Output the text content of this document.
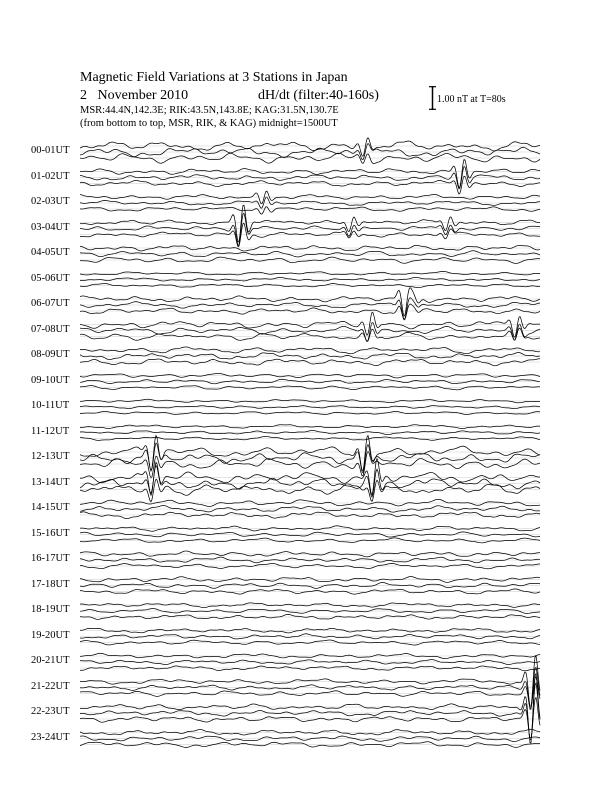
Magnetic Field Variations at 3 Stations in Japan
2 November 2010	dH/dt (filter:40-160s)
MSR:44.4N,142.3E; RIK:43.5N,143.8E; KAG:31.5N,130.7E
(from bottom to top, MSR, RIK, & KAG) midnight=1500UT
1.00 nT at T=80s
00-01UT
01-02UT
02-03UT
03-04UT
04-05UT
05-06UT
06-07UT
07-08UT
08-09UT
09-10UT
10-11UT
11-12UT
12-13UT
13-14UT
14-15UT
15-16UT
16-17UT
17-18UT
18-19UT
19-20UT
20-21UT
21-22UT
22-23UT
23-24UT
